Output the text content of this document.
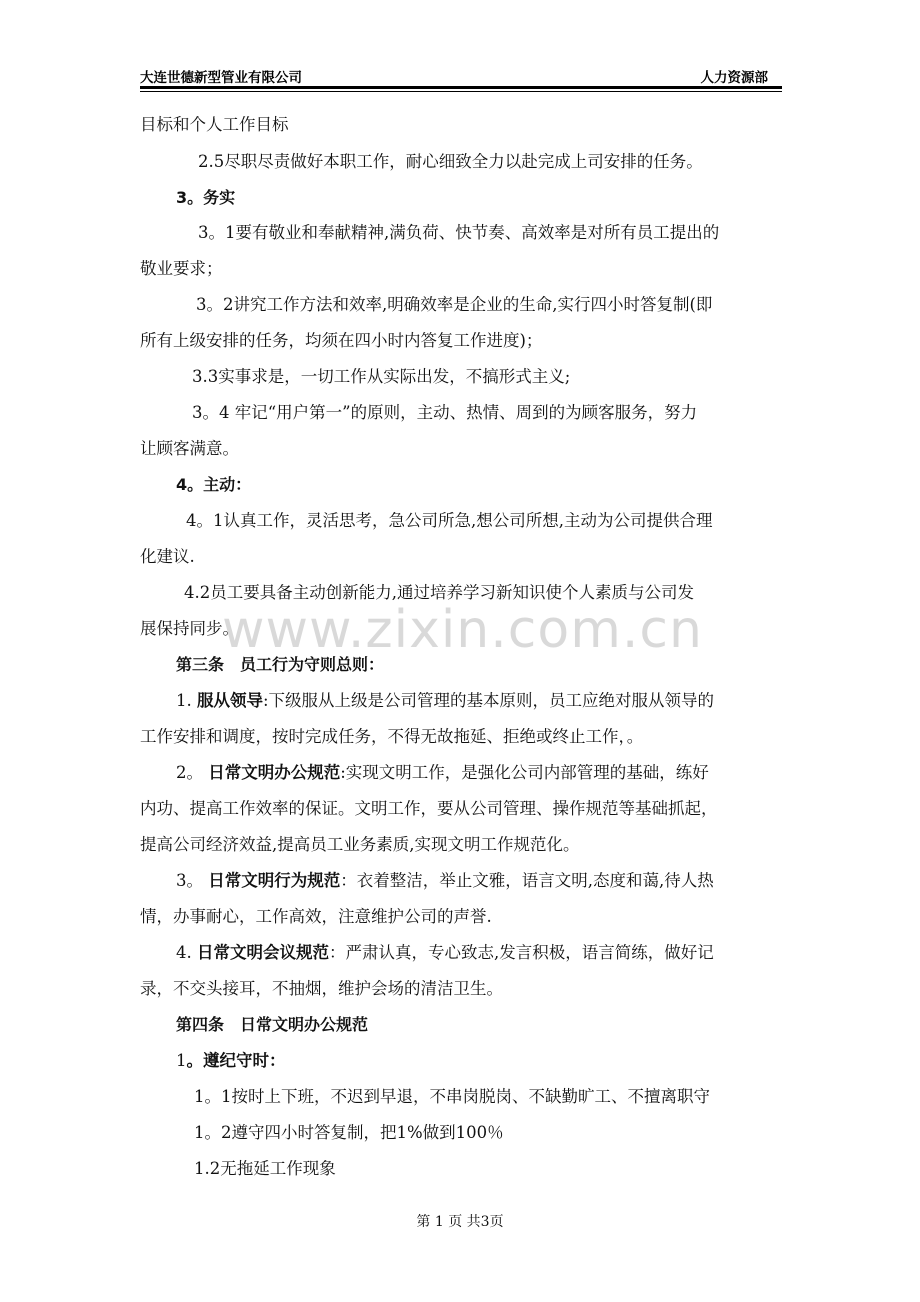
大连世德新型管业有限公司	人力资源部
www.zixin.com.cn
目标和个人工作目标
2.5尽职尽责做好本职工作，耐心细致全力以赴完成上司安排的任务。
3。务实
3。1要有敬业和奉献精神,满负荷、快节奏、高效率是对所有员工提出的
敬业要求；
3。2讲究工作方法和效率,明确效率是企业的生命,实行四小时答复制(即
所有上级安排的任务，均须在四小时内答复工作进度)；
3.3实事求是，一切工作从实际出发，不搞形式主义;
3。4 牢记“用户第一”的原则，主动、热情、周到的为顾客服务，努力
让顾客满意。
4。主动：
4。1认真工作，灵活思考，急公司所急,想公司所想,主动为公司提供合理
化建议.
4.2员工要具备主动创新能力,通过培养学习新知识使个人素质与公司发
展保持同步。
第三条　员工行为守则总则：
1. 服从领导:下级服从上级是公司管理的基本原则，员工应绝对服从领导的
工作安排和调度，按时完成任务，不得无故拖延、拒绝或终止工作，。
2。 日常文明办公规范:实现文明工作，是强化公司内部管理的基础，练好
内功、提高工作效率的保证。文明工作，要从公司管理、操作规范等基础抓起，
提高公司经济效益,提高员工业务素质,实现文明工作规范化。
3。 日常文明行为规范：衣着整洁，举止文雅，语言文明,态度和蔼,待人热
情，办事耐心，工作高效，注意维护公司的声誉.
4. 日常文明会议规范：严肃认真，专心致志,发言积极，语言简练，做好记
录，不交头接耳，不抽烟，维护会场的清洁卫生。
第四条　日常文明办公规范
1。遵纪守时：
1。1按时上下班，不迟到早退，不串岗脱岗、不缺勤旷工、不擅离职守
1。2遵守四小时答复制，把1%做到100％
1.2无拖延工作现象
第 1 页 共3页
